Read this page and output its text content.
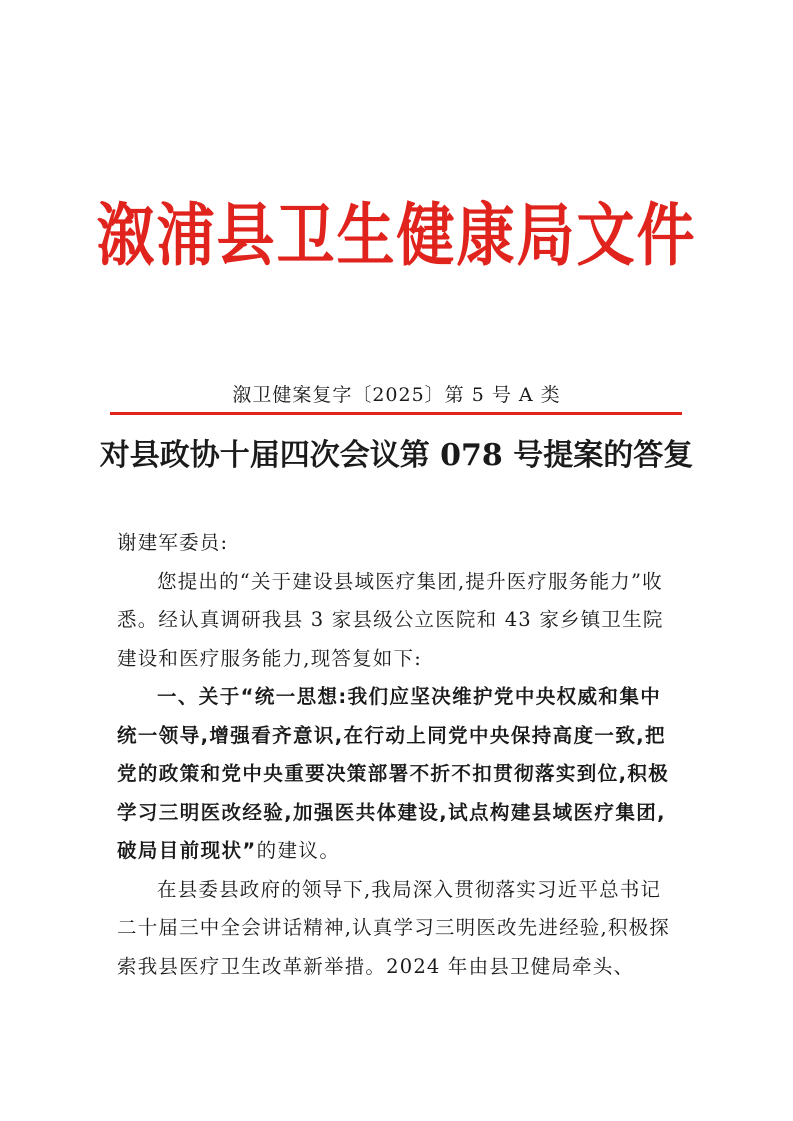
溆浦县卫生健康局文件
溆卫健案复字〔2025〕第 5 号 A 类
对县政协十届四次会议第 078 号提案的答复

谢建军委员:

您提出的“关于建设县域医疗集团,提升医疗服务能力”收悉。经认真调研我县 3 家县级公立医院和 43 家乡镇卫生院建设和医疗服务能力,现答复如下:

一、关于“统一思想:我们应坚决维护党中央权威和集中统一领导,增强看齐意识,在行动上同党中央保持高度一致,把党的政策和党中央重要决策部署不折不扣贯彻落实到位,积极学习三明医改经验,加强医共体建设,试点构建县域医疗集团,破局目前现状”的建议。

在县委县政府的领导下,我局深入贯彻落实习近平总书记二十届三中全会讲话精神,认真学习三明医改先进经验,积极探索我县医疗卫生改革新举措。2024 年由县卫健局牵头、
